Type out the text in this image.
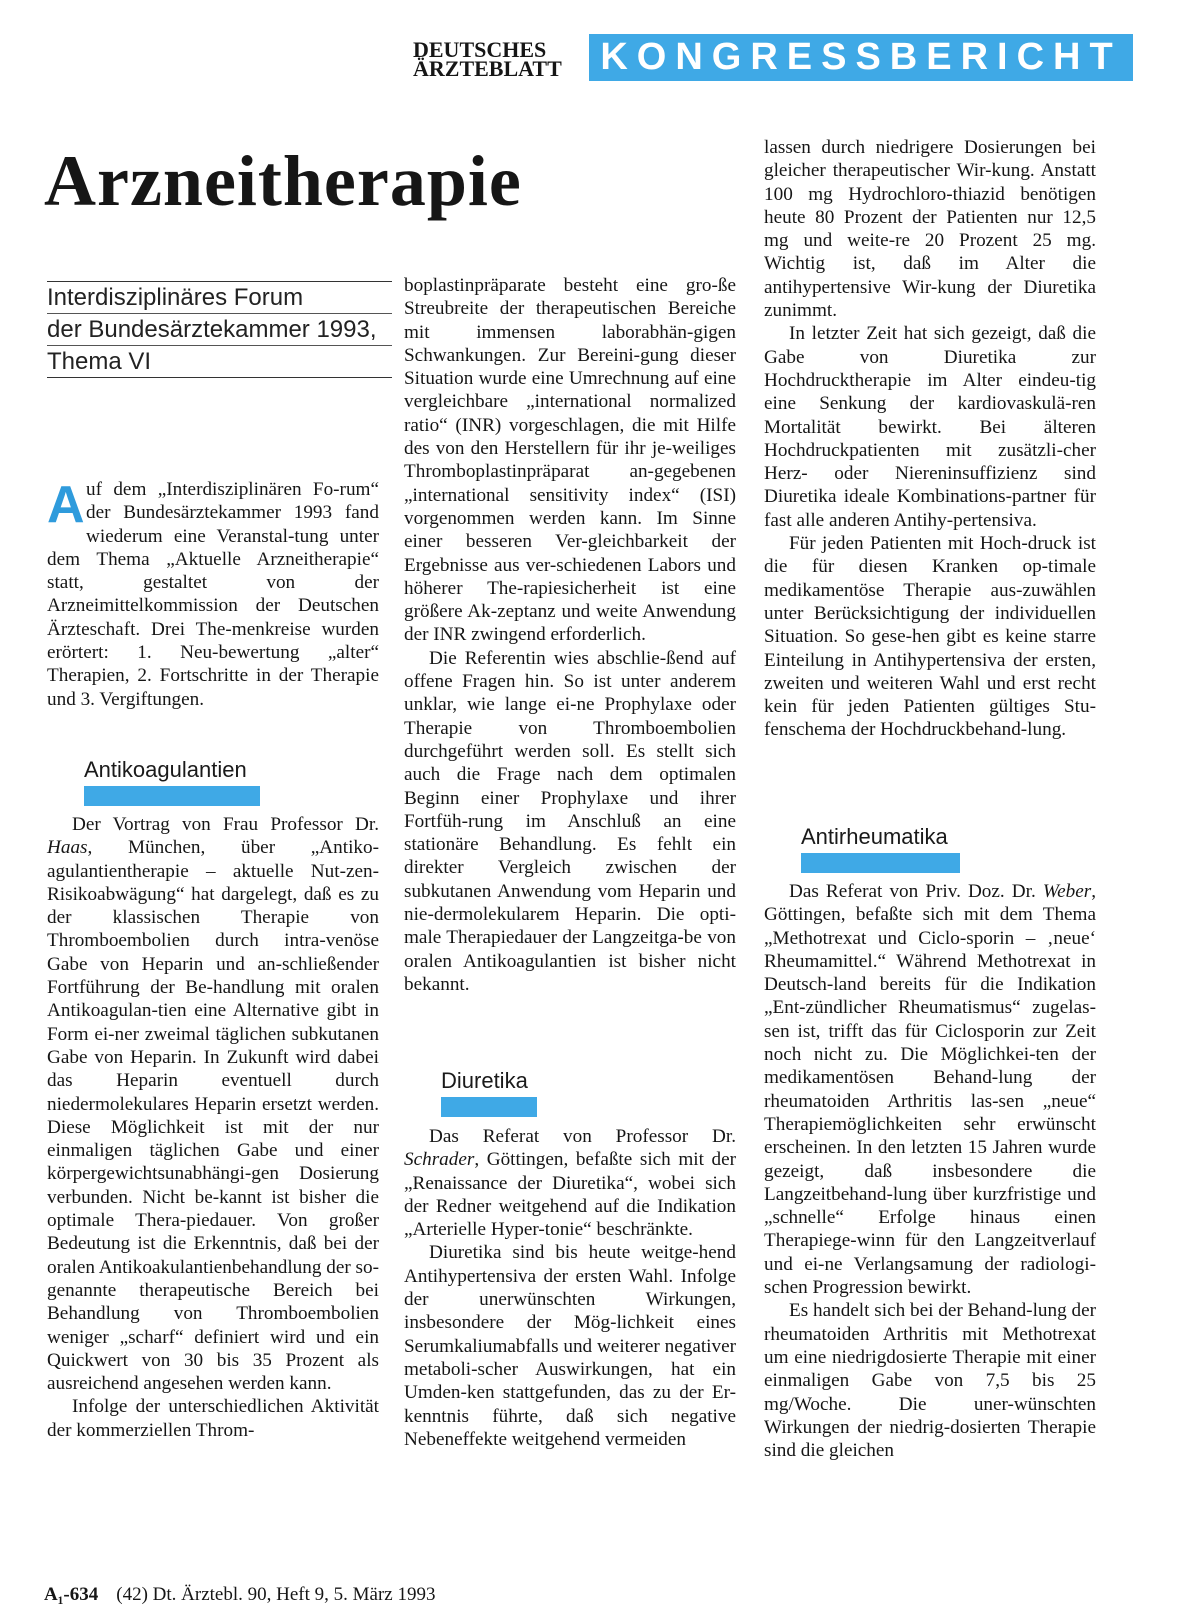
DEUTSCHES
ÄRZTEBLATT	KONGRESSBERICHT
Arzneitherapie
Interdisziplinäres Forum
der Bundesärztekammer 1993,
Thema VI

Auf dem „Interdisziplinären Fo-rum“ der Bundesärztekammer 1993 fand wiederum eine Veranstal-tung unter dem Thema „Aktuelle Arzneitherapie“ statt, gestaltet von der Arzneimittelkommission der Deutschen Ärzteschaft. Drei The-menkreise wurden erörtert: 1. Neu-bewertung „alter“ Therapien, 2. Fortschritte in der Therapie und 3. Vergiftungen.

Antikoagulantien

Der Vortrag von Frau Professor Dr. Haas, München, über „Antiko-agulantientherapie – aktuelle Nut-zen-Risikoabwägung“ hat dargelegt, daß es zu der klassischen Therapie von Thromboembolien durch intra-venöse Gabe von Heparin und an-schließender Fortführung der Be-handlung mit oralen Antikoagulan-tien eine Alternative gibt in Form ei-ner zweimal täglichen subkutanen Gabe von Heparin. In Zukunft wird dabei das Heparin eventuell durch niedermolekulares Heparin ersetzt werden. Diese Möglichkeit ist mit der nur einmaligen täglichen Gabe und einer körpergewichtsunabhängi-gen Dosierung verbunden. Nicht be-kannt ist bisher die optimale Thera-piedauer. Von großer Bedeutung ist die Erkenntnis, daß bei der oralen Antikoakulantienbehandlung der so-genannte therapeutische Bereich bei Behandlung von Thromboembolien weniger „scharf“ definiert wird und ein Quickwert von 30 bis 35 Prozent als ausreichend angesehen werden kann.

Infolge der unterschiedlichen Aktivität der kommerziellen Throm-

boplastinpräparate besteht eine gro-ße Streubreite der therapeutischen Bereiche mit immensen laborabhän-gigen Schwankungen. Zur Bereini-gung dieser Situation wurde eine Umrechnung auf eine vergleichbare „international normalized ratio“ (INR) vorgeschlagen, die mit Hilfe des von den Herstellern für ihr je-weiliges Thromboplastinpräparat an-gegebenen „international sensitivity index“ (ISI) vorgenommen werden kann. Im Sinne einer besseren Ver-gleichbarkeit der Ergebnisse aus ver-schiedenen Labors und höherer The-rapiesicherheit ist eine größere Ak-zeptanz und weite Anwendung der INR zwingend erforderlich.

Die Referentin wies abschlie-ßend auf offene Fragen hin. So ist unter anderem unklar, wie lange ei-ne Prophylaxe oder Therapie von Thromboembolien durchgeführt werden soll. Es stellt sich auch die Frage nach dem optimalen Beginn einer Prophylaxe und ihrer Fortfüh-rung im Anschluß an eine stationäre Behandlung. Es fehlt ein direkter Vergleich zwischen der subkutanen Anwendung vom Heparin und nie-dermolekularem Heparin. Die opti-male Therapiedauer der Langzeitga-be von oralen Antikoagulantien ist bisher nicht bekannt.

Diuretika

Das Referat von Professor Dr. Schrader, Göttingen, befaßte sich mit der „Renaissance der Diuretika“, wobei sich der Redner weitgehend auf die Indikation „Arterielle Hyper-tonie“ beschränkte.

Diuretika sind bis heute weitge-hend Antihypertensiva der ersten Wahl. Infolge der unerwünschten Wirkungen, insbesondere der Mög-lichkeit eines Serumkaliumabfalls und weiterer negativer metaboli-scher Auswirkungen, hat ein Umden-ken stattgefunden, das zu der Er-kenntnis führte, daß sich negative Nebeneffekte weitgehend vermeiden

lassen durch niedrigere Dosierungen bei gleicher therapeutischer Wir-kung. Anstatt 100 mg Hydrochloro-thiazid benötigen heute 80 Prozent der Patienten nur 12,5 mg und weite-re 20 Prozent 25 mg. Wichtig ist, daß im Alter die antihypertensive Wir-kung der Diuretika zunimmt.

In letzter Zeit hat sich gezeigt, daß die Gabe von Diuretika zur Hochdrucktherapie im Alter eindeu-tig eine Senkung der kardiovaskulä-ren Mortalität bewirkt. Bei älteren Hochdruckpatienten mit zusätzli-cher Herz- oder Niereninsuffizienz sind Diuretika ideale Kombinations-partner für fast alle anderen Antihy-pertensiva.

Für jeden Patienten mit Hoch-druck ist die für diesen Kranken op-timale medikamentöse Therapie aus-zuwählen unter Berücksichtigung der individuellen Situation. So gese-hen gibt es keine starre Einteilung in Antihypertensiva der ersten, zweiten und weiteren Wahl und erst recht kein für jeden Patienten gültiges Stu-fenschema der Hochdruckbehand-lung.

Antirheumatika

Das Referat von Priv. Doz. Dr. Weber, Göttingen, befaßte sich mit dem Thema „Methotrexat und Ciclo-sporin – ‚neue‘ Rheumamittel.“ Während Methotrexat in Deutsch-land bereits für die Indikation „Ent-zündlicher Rheumatismus“ zugelas-sen ist, trifft das für Ciclosporin zur Zeit noch nicht zu. Die Möglichkei-ten der medikamentösen Behand-lung der rheumatoiden Arthritis las-sen „neue“ Therapiemöglichkeiten sehr erwünscht erscheinen. In den letzten 15 Jahren wurde gezeigt, daß insbesondere die Langzeitbehand-lung über kurzfristige und „schnelle“ Erfolge hinaus einen Therapiege-winn für den Langzeitverlauf und ei-ne Verlangsamung der radiologi-schen Progression bewirkt.

Es handelt sich bei der Behand-lung der rheumatoiden Arthritis mit Methotrexat um eine niedrigdosierte Therapie mit einer einmaligen Gabe von 7,5 bis 25 mg/Woche. Die uner-wünschten Wirkungen der niedrig-dosierten Therapie sind die gleichen

A₁-634 (42) Dt. Ärztebl. 90, Heft 9, 5. März 1993
